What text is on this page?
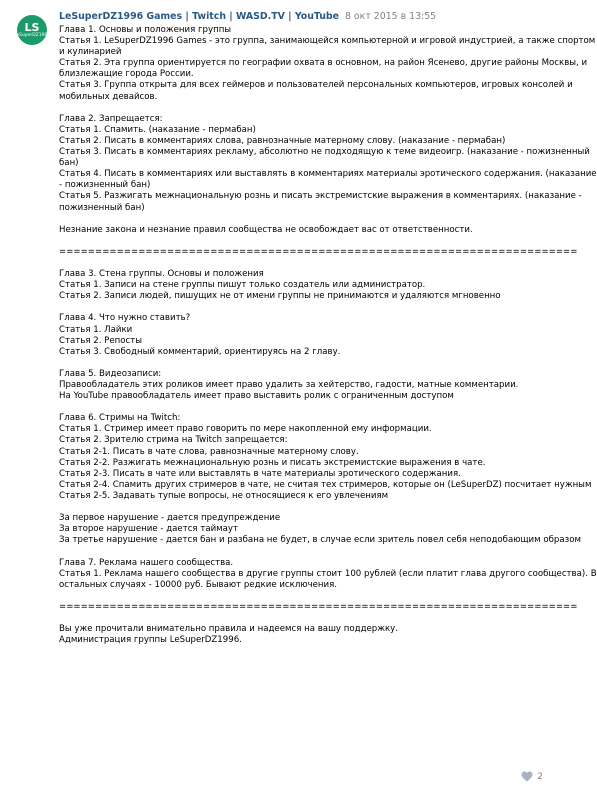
LS
LeSuperDZ1996
LeSuperDZ1996 Games | Twitch | WASD.TV | YouTube 8 окт 2015 в 13:55
Глава 1. Основы и положения группы
Статья 1. LeSuperDZ1996 Games - это группа, занимающейся компьютерной и игровой индустрией, а также спортом
и кулинарией
Статья 2. Эта группа ориентируется по географии охвата в основном, на район Ясенево, другие районы Москвы, и
близлежащие города России.
Статья 3. Группа открыта для всех геймеров и пользователей персональных компьютеров, игровых консолей и
мобильных девайсов.
Глава 2. Запрещается:
Статья 1. Спамить. (наказание - пермабан)
Статья 2. Писать в комментариях слова, равнозначные матерному слову. (наказание - пермабан)
Статья 3. Писать в комментариях рекламу, абсолютно не подходящую к теме видеоигр. (наказание - пожизненный
бан)
Статья 4. Писать в комментариях или выставлять в комментариях материалы эротического содержания. (наказание
- пожизненный бан)
Статья 5. Разжигать межнациональную рознь и писать экстремистские выражения в комментариях. (наказание -
пожизненный бан)
Незнание закона и незнание правил сообщества не освобождает вас от ответственности.
========================================================================
Глава 3. Стена группы. Основы и положения
Статья 1. Записи на стене группы пишут только создатель или администратор.
Статья 2. Записи людей, пишущих не от имени группы не принимаются и удаляются мгновенно
Глава 4. Что нужно ставить?
Статья 1. Лайки
Статья 2. Репосты
Статья 3. Свободный комментарий, ориентируясь на 2 главу.
Глава 5. Видеозаписи:
Правообладатель этих роликов имеет право удалить за хейтерство, гадости, матные комментарии.
На YouTube правообладатель имеет право выставить ролик с ограниченным доступом
Глава 6. Стримы на Twitch:
Статья 1. Стример имеет право говорить по мере накопленной ему информации.
Статья 2. Зрителю стрима на Twitch запрещается:
Статья 2-1. Писать в чате слова, равнозначные матерному слову.
Статья 2-2. Разжигать межнациональную рознь и писать экстремистские выражения в чате.
Статья 2-3. Писать в чате или выставлять в чате материалы эротического содержания.
Статья 2-4. Спамить других стримеров в чате, не считая тех стримеров, которые он (LeSuperDZ) посчитает нужным
Статья 2-5. Задавать тупые вопросы, не относящиеся к его увлечениям
За первое нарушение - дается предупреждение
За второе нарушение - дается таймаут
За третье нарушение - дается бан и разбана не будет, в случае если зритель повел себя неподобающим образом
Глава 7. Реклама нашего сообщества.
Статья 1. Реклама нашего сообщества в другие группы стоит 100 рублей (если платит глава другого сообщества). В
остальных случаях - 10000 руб. Бывают редкие исключения.
========================================================================
Вы уже прочитали внимательно правила и надеемся на вашу поддержку.
Администрация группы LeSuperDZ1996.
2
